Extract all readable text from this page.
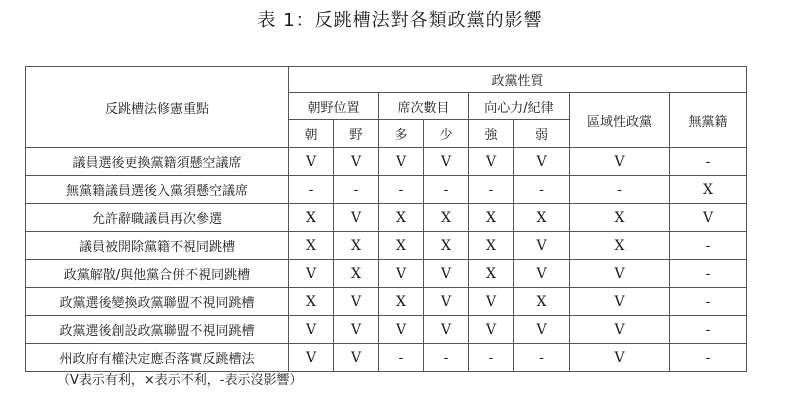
表 1：反跳槽法對各類政黨的影響
反跳槽法修憲重點	政黨性質							
	朝野位置		席次數目		向心力/紀律		區域性政黨	無黨籍
	朝	野	多	少	強	弱		
議員選後更換黨籍須懸空議席	V	V	V	V	V	V	V	-
無黨籍議員選後入黨須懸空議席	-	-	-	-	-	-	-	X
允許辭職議員再次參選	X	V	X	X	X	X	X	V
議員被開除黨籍不視同跳槽	X	X	X	X	X	V	X	-
政黨解散/與他黨合併不視同跳槽	V	X	V	V	X	V	V	-
政黨選後變換政黨聯盟不視同跳槽	X	V	X	V	V	X	V	-
政黨選後創設政黨聯盟不視同跳槽	V	V	V	V	V	V	V	-
州政府有權決定應否落實反跳槽法	V	V	-	-	-	-	V	-
（V表示有利，×表示不利，-表示沒影響）
